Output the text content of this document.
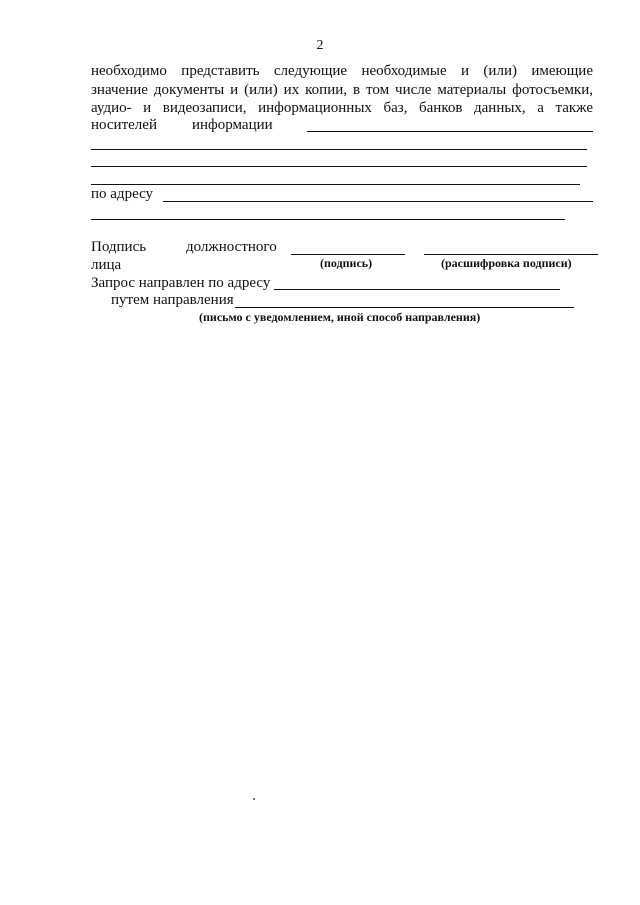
2
необходимо представить следующие необходимые и (или) имеющие
значение документы и (или) их копии, в том числе материалы фотосъемки,
аудио- и видеозаписи, информационных баз, банков данных, а также
носителей информации
по адресу
Подпись	должностного
лица	(подпись)	(расшифровка подписи)
Запрос направлен по адресу
путем направления
(письмо с уведомлением, иной способ направления)
